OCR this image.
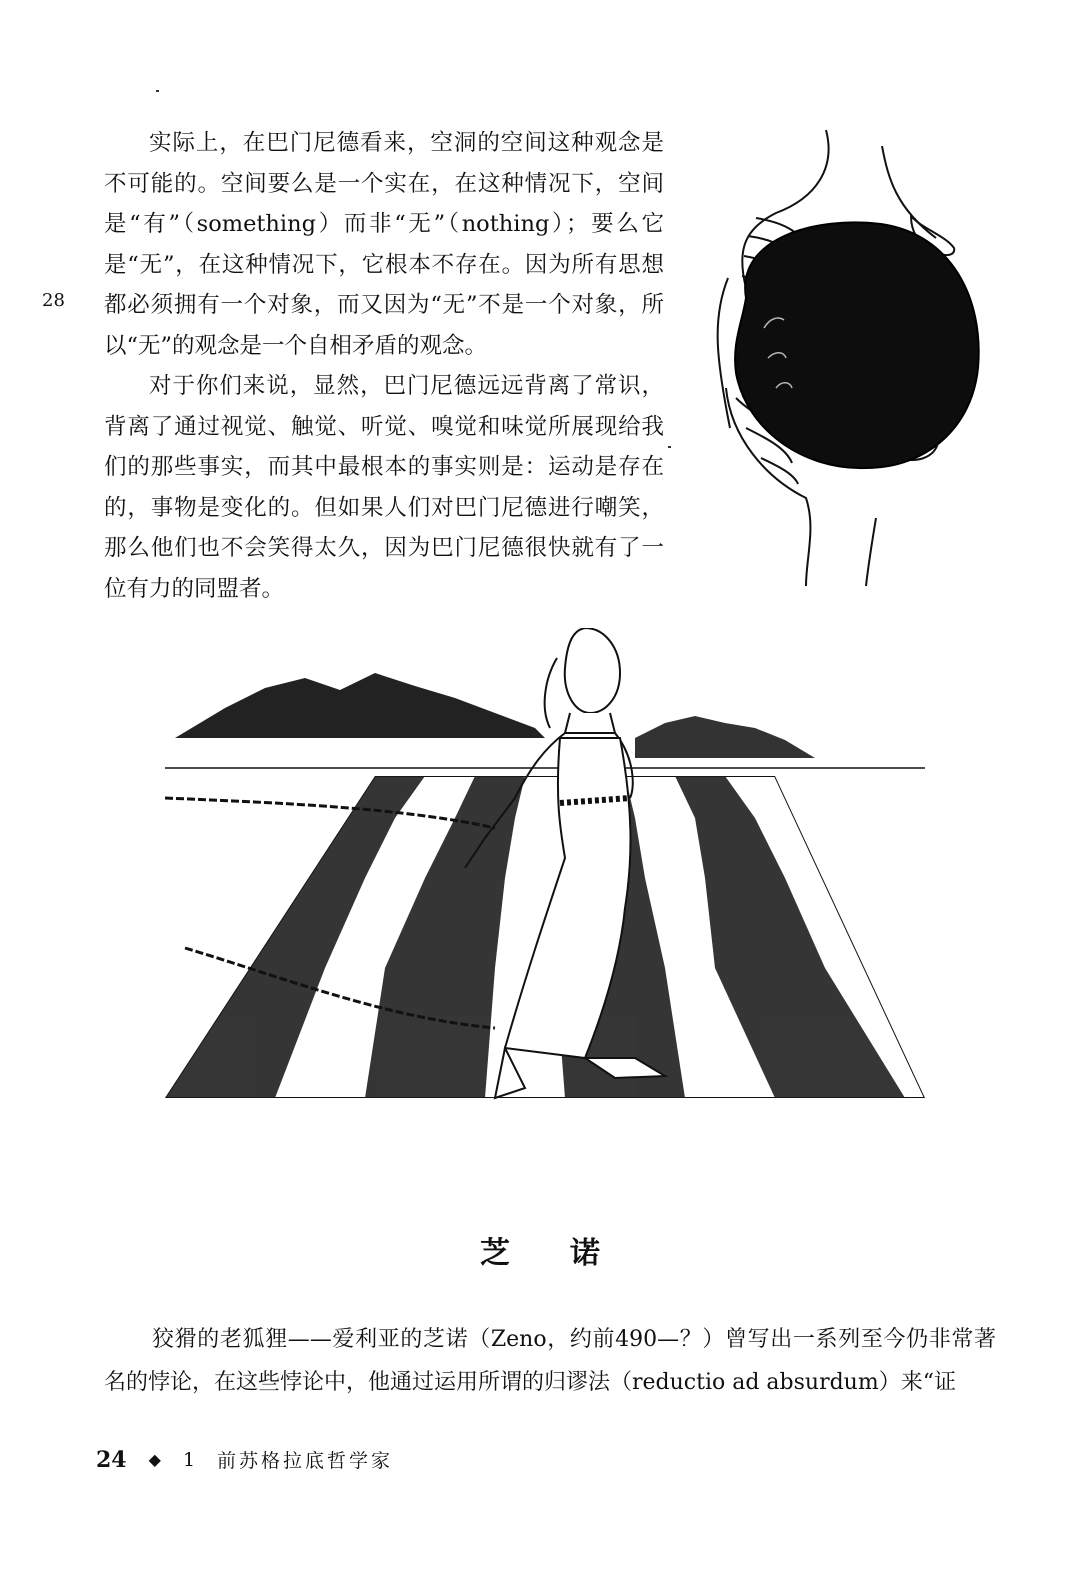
实际上，在巴门尼德看来，空洞的空间这种观念是不可能的。空间要么是一个实在，在这种情况下，空间是“有”（something）而非“无”（nothing）；要么它是“无”，在这种情况下，它根本不存在。因为所有思想都必须拥有一个对象，而又因为“无”不是一个对象，所以“无”的观念是一个自相矛盾的观念。

28

对于你们来说，显然，巴门尼德远远背离了常识，背离了通过视觉、触觉、听觉、嗅觉和味觉所展现给我们的那些事实，而其中最根本的事实则是：运动是存在的，事物是变化的。但如果人们对巴门尼德进行嘲笑，那么他们也不会笑得太久，因为巴门尼德很快就有了一位有力的同盟者。

芝诺

狡猾的老狐狸——爱利亚的芝诺（Zeno，约前490—？）曾写出一系列至今仍非常著名的悖论，在这些悖论中，他通过运用所谓的归谬法（reductio ad absurdum）来“证

24 ◆ 1 前苏格拉底哲学家
